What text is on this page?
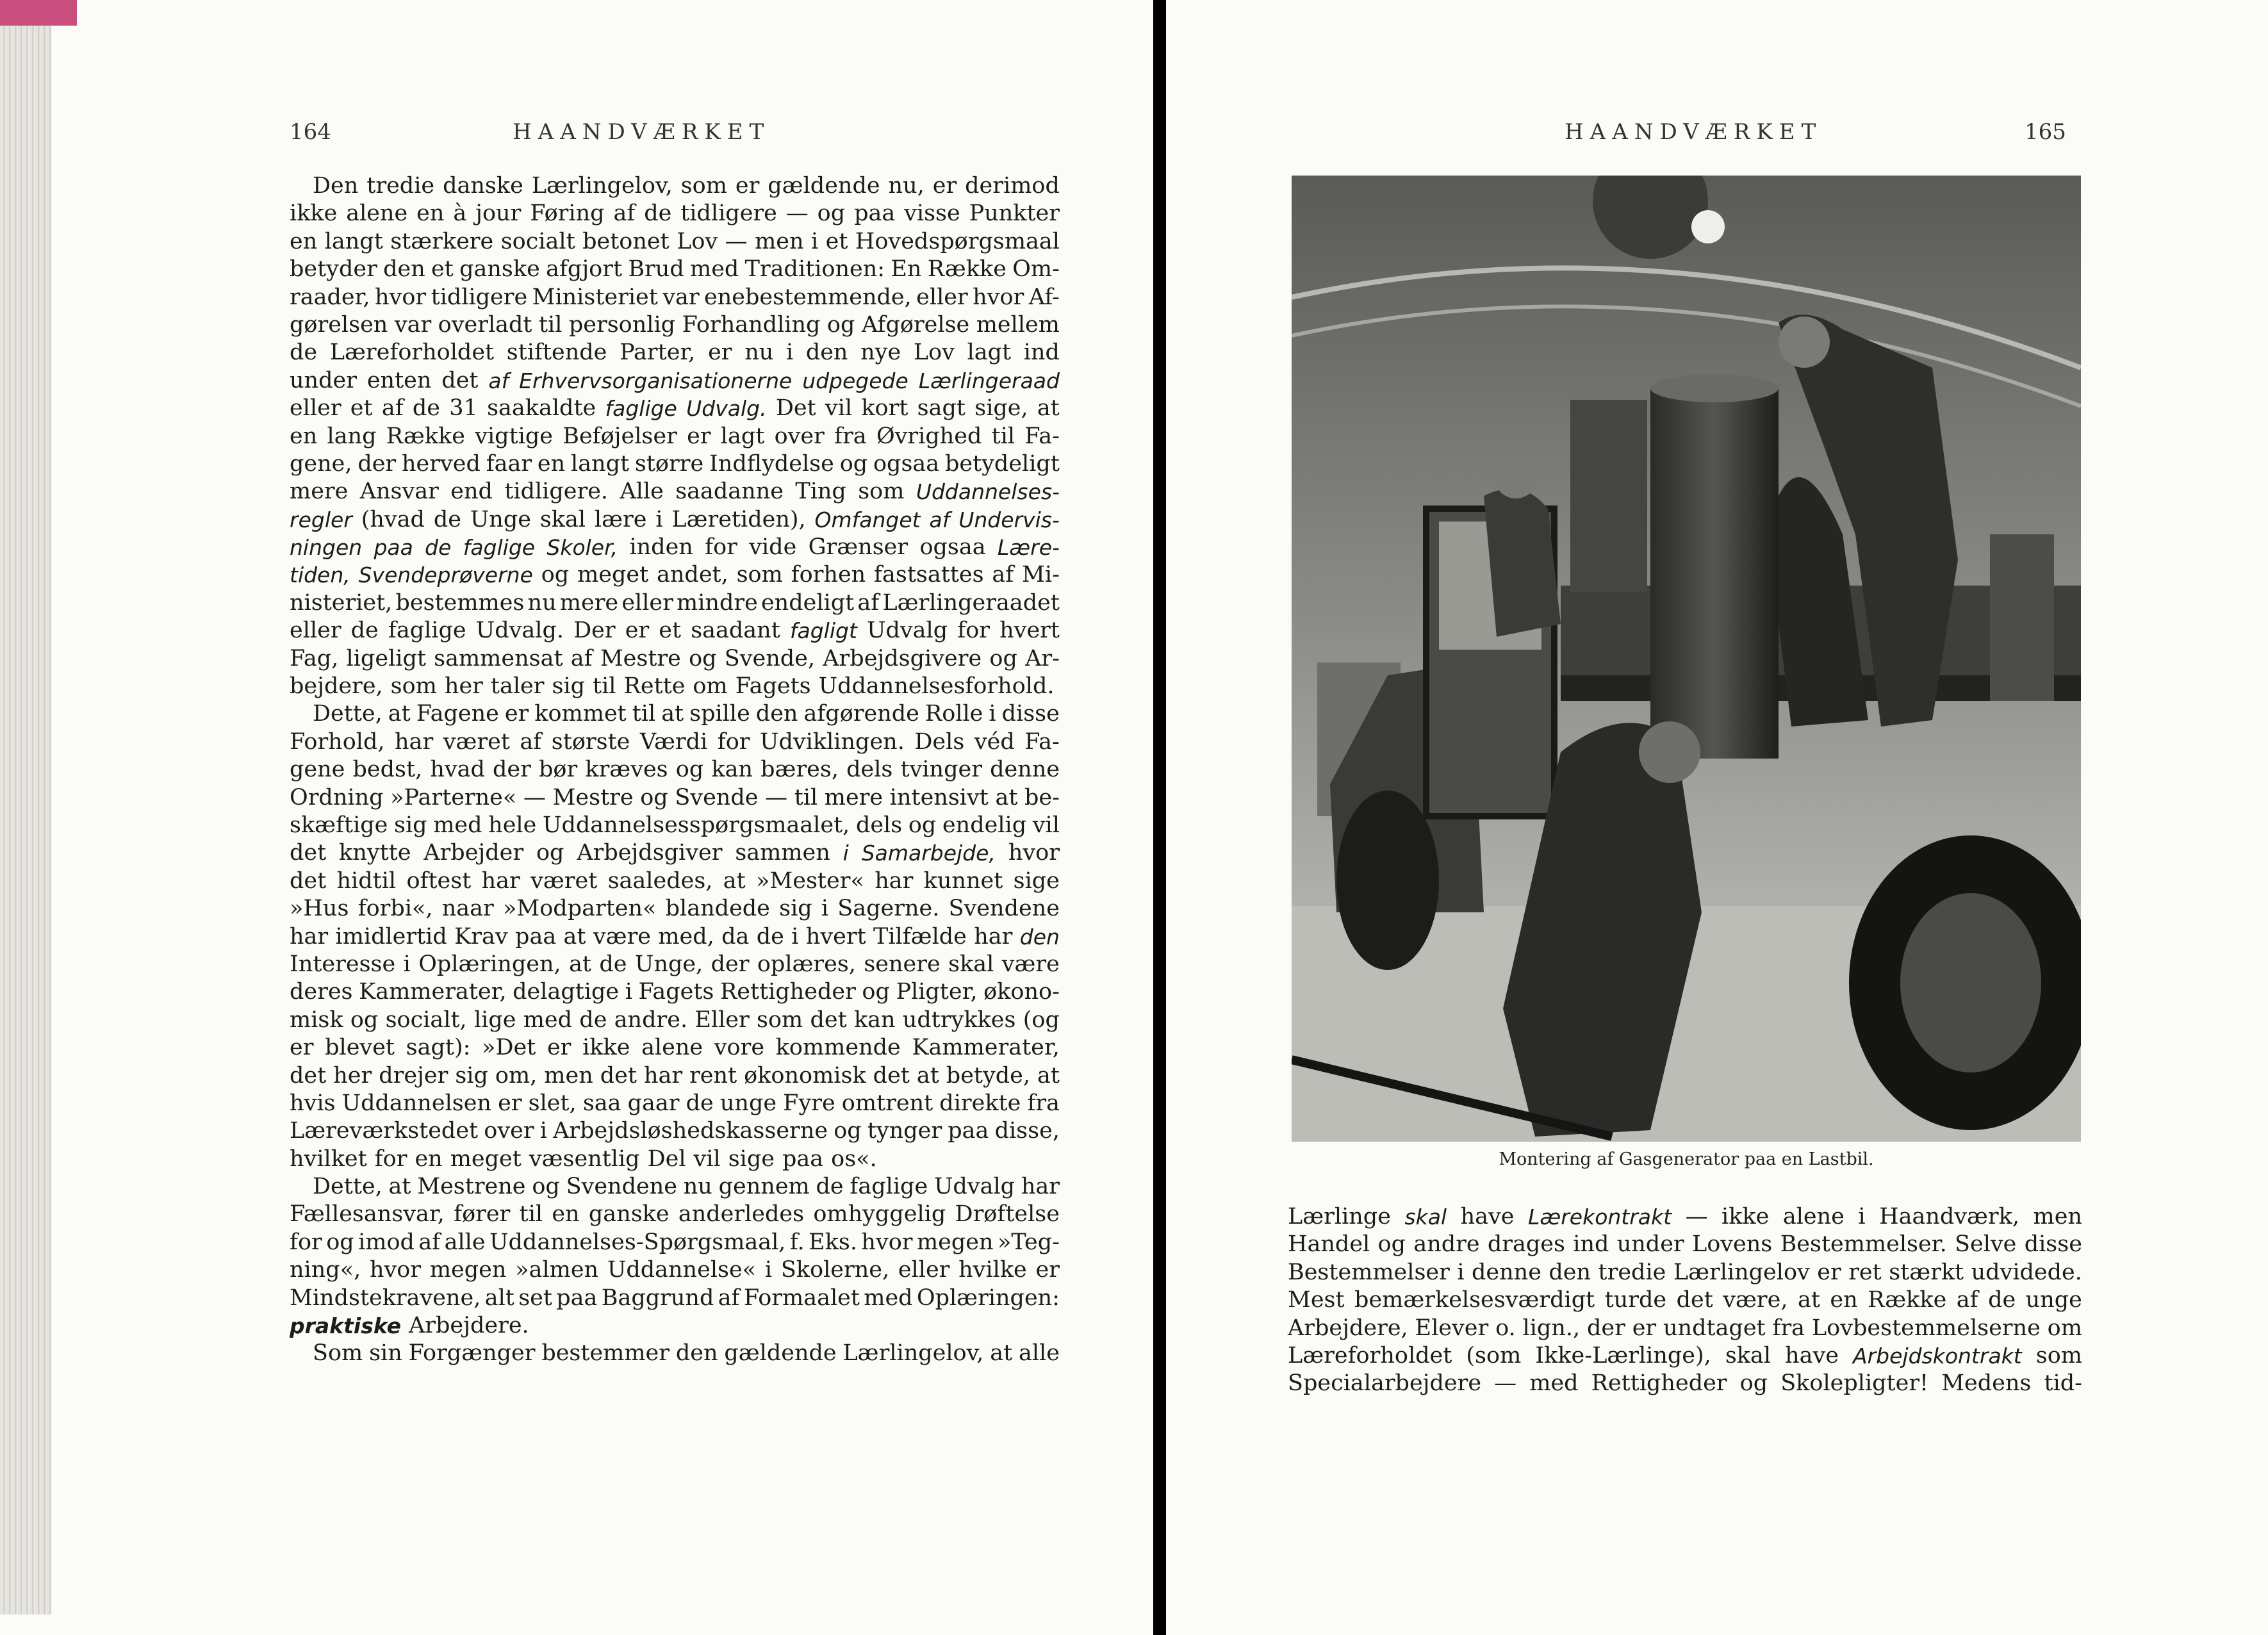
164	HAANDVÆRKET
Den tredie danske Lærlingelov, som er gældende nu, er derimod
ikke alene en à jour Føring af de tidligere — og paa visse Punkter
en langt stærkere socialt betonet Lov — men i et Hovedspørgsmaal
betyder den et ganske afgjort Brud med Traditionen: En Række Om-
raader, hvor tidligere Ministeriet var enebestemmende, eller hvor Af-
gørelsen var overladt til personlig Forhandling og Afgørelse mellem
de Læreforholdet stiftende Parter, er nu i den nye Lov lagt ind
under enten det af Erhvervsorganisationerne udpegede Lærlingeraad
eller et af de 31 saakaldte faglige Udvalg. Det vil kort sagt sige, at
en lang Række vigtige Beføjelser er lagt over fra Øvrighed til Fa-
gene, der herved faar en langt større Indflydelse og ogsaa betydeligt
mere Ansvar end tidligere. Alle saadanne Ting som Uddannelses-
regler (hvad de Unge skal lære i Læretiden), Omfanget af Undervis-
ningen paa de faglige Skoler, inden for vide Grænser ogsaa Lære-
tiden, Svendeprøverne og meget andet, som forhen fastsattes af Mi-
nisteriet, bestemmes nu mere eller mindre endeligt af Lærlingeraadet
eller de faglige Udvalg. Der er et saadant fagligt Udvalg for hvert
Fag, ligeligt sammensat af Mestre og Svende, Arbejdsgivere og Ar-
bejdere, som her taler sig til Rette om Fagets Uddannelsesforhold.
Dette, at Fagene er kommet til at spille den afgørende Rolle i disse
Forhold, har været af største Værdi for Udviklingen. Dels véd Fa-
gene bedst, hvad der bør kræves og kan bæres, dels tvinger denne
Ordning »Parterne« — Mestre og Svende — til mere intensivt at be-
skæftige sig med hele Uddannelsesspørgsmaalet, dels og endelig vil
det knytte Arbejder og Arbejdsgiver sammen i Samarbejde, hvor
det hidtil oftest har været saaledes, at »Mester« har kunnet sige
»Hus forbi«, naar »Modparten« blandede sig i Sagerne. Svendene
har imidlertid Krav paa at være med, da de i hvert Tilfælde har den
Interesse i Oplæringen, at de Unge, der oplæres, senere skal være
deres Kammerater, delagtige i Fagets Rettigheder og Pligter, økono-
misk og socialt, lige med de andre. Eller som det kan udtrykkes (og
er blevet sagt): »Det er ikke alene vore kommende Kammerater,
det her drejer sig om, men det har rent økonomisk det at betyde, at
hvis Uddannelsen er slet, saa gaar de unge Fyre omtrent direkte fra
Læreværkstedet over i Arbejdsløshedskasserne og tynger paa disse,
hvilket for en meget væsentlig Del vil sige paa os«.
Dette, at Mestrene og Svendene nu gennem de faglige Udvalg har
Fællesansvar, fører til en ganske anderledes omhyggelig Drøftelse
for og imod af alle Uddannelses-Spørgsmaal, f. Eks. hvor megen »Teg-
ning«, hvor megen »almen Uddannelse« i Skolerne, eller hvilke er
Mindstekravene, alt set paa Baggrund af Formaalet med Oplæringen:
praktiske Arbejdere.
Som sin Forgænger bestemmer den gældende Lærlingelov, at alle
HAANDVÆRKET	165
Montering af Gasgenerator paa en Lastbil.
Lærlinge skal have Lærekontrakt — ikke alene i Haandværk, men
Handel og andre drages ind under Lovens Bestemmelser. Selve disse
Bestemmelser i denne den tredie Lærlingelov er ret stærkt udvidede.
Mest bemærkelsesværdigt turde det være, at en Række af de unge
Arbejdere, Elever o. lign., der er undtaget fra Lovbestemmelserne om
Læreforholdet (som Ikke-Lærlinge), skal have Arbejdskontrakt som
Specialarbejdere — med Rettigheder og Skolepligter! Medens tid-
